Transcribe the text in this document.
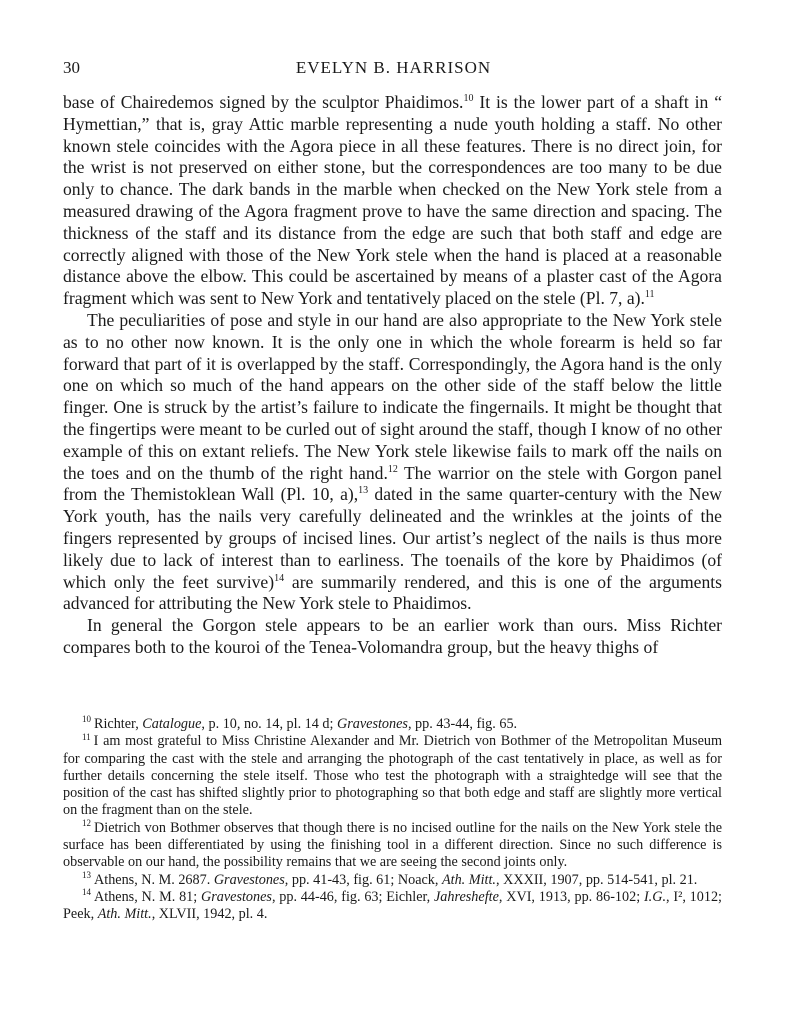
30	EVELYN B. HARRISON

base of Chairedemos signed by the sculptor Phaidimos.$^{10}$ It is the lower part of a shaft in “ Hymettian,” that is, gray Attic marble representing a nude youth holding a staff. No other known stele coincides with the Agora piece in all these features. There is no direct join, for the wrist is not preserved on either stone, but the correspondences are too many to be due only to chance. The dark bands in the marble when checked on the New York stele from a measured drawing of the Agora fragment prove to have the same direction and spacing. The thickness of the staff and its distance from the edge are such that both staff and edge are correctly aligned with those of the New York stele when the hand is placed at a reasonable distance above the elbow. This could be ascertained by means of a plaster cast of the Agora fragment which was sent to New York and tentatively placed on the stele (Pl. 7, a).$^{11}$

The peculiarities of pose and style in our hand are also appropriate to the New York stele as to no other now known. It is the only one in which the whole forearm is held so far forward that part of it is overlapped by the staff. Correspondingly, the Agora hand is the only one on which so much of the hand appears on the other side of the staff below the little finger. One is struck by the artist’s failure to indicate the fingernails. It might be thought that the fingertips were meant to be curled out of sight around the staff, though I know of no other example of this on extant reliefs. The New York stele likewise fails to mark off the nails on the toes and on the thumb of the right hand.$^{12}$ The warrior on the stele with Gorgon panel from the Themistoklean Wall (Pl. 10, a),$^{13}$ dated in the same quarter-century with the New York youth, has the nails very carefully delineated and the wrinkles at the joints of the fingers represented by groups of incised lines. Our artist’s neglect of the nails is thus more likely due to lack of interest than to earliness. The toenails of the kore by Phaidimos (of which only the feet survive)$^{14}$ are summarily rendered, and this is one of the arguments advanced for attributing the New York stele to Phaidimos.

In general the Gorgon stele appears to be an earlier work than ours. Miss Richter compares both to the kouroi of the Tenea-Volomandra group, but the heavy thighs of

$^{10}$ Richter, Catalogue, p. 10, no. 14, pl. 14 d; Gravestones, pp. 43-44, fig. 65.

$^{11}$ I am most grateful to Miss Christine Alexander and Mr. Dietrich von Bothmer of the Metropolitan Museum for comparing the cast with the stele and arranging the photograph of the cast tentatively in place, as well as for further details concerning the stele itself. Those who test the photograph with a straightedge will see that the position of the cast has shifted slightly prior to photographing so that both edge and staff are slightly more vertical on the fragment than on the stele.

$^{12}$ Dietrich von Bothmer observes that though there is no incised outline for the nails on the New York stele the surface has been differentiated by using the finishing tool in a different direction. Since no such difference is observable on our hand, the possibility remains that we are seeing the second joints only.

$^{13}$ Athens, N. M. 2687. Gravestones, pp. 41-43, fig. 61; Noack, Ath. Mitt., XXXII, 1907, pp. 514-541, pl. 21.

$^{14}$ Athens, N. M. 81; Gravestones, pp. 44-46, fig. 63; Eichler, Jahreshefte, XVI, 1913, pp. 86-102; I.G., I², 1012; Peek, Ath. Mitt., XLVII, 1942, pl. 4.
